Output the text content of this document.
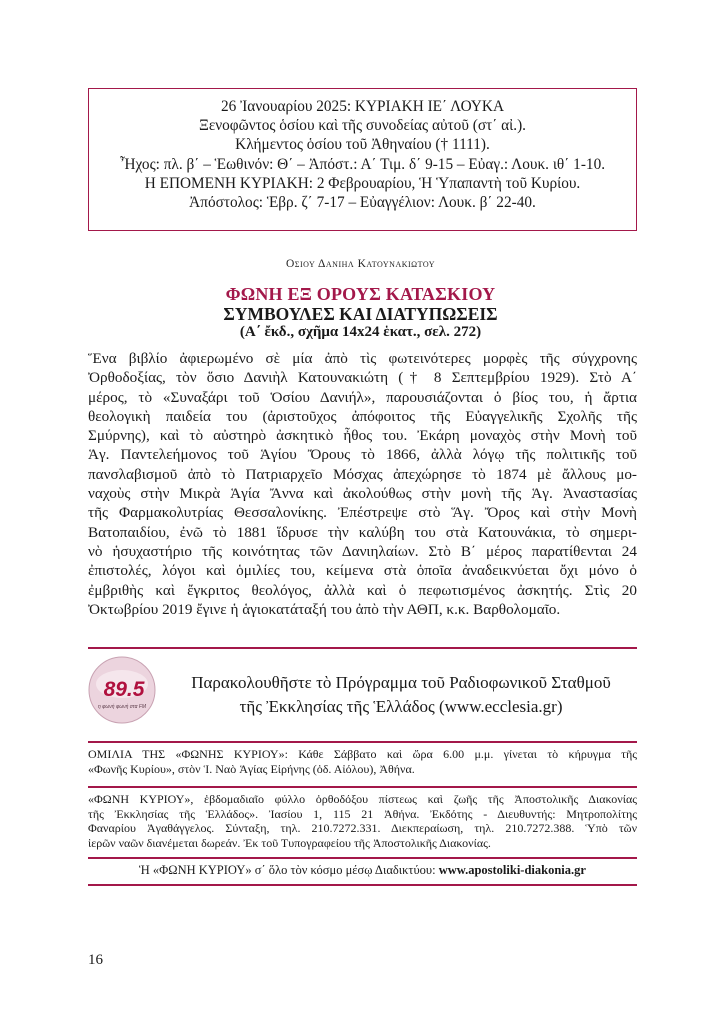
26 Ἰανουαρίου 2025: ΚΥΡΙΑΚΗ ΙΕ΄ ΛΟΥΚΑ
Ξενοφῶντος ὁσίου καὶ τῆς συνοδείας αὐτοῦ (στ΄ αἰ.).
Κλήμεντος ὁσίου τοῦ Ἀθηναίου († 1111).
Ἦχος: πλ. β΄ – Ἑωθινόν: Θ΄ – Ἀπόστ.: Α΄ Τιμ. δ΄ 9-15 – Εὐαγ.: Λουκ. ιθ΄ 1-10.
Η ΕΠΟΜΕΝΗ ΚΥΡΙΑΚΗ: 2 Φεβρουαρίου, Ἡ Ὑπαπαντὴ τοῦ Κυρίου.
Ἀπόστολος: Ἑβρ. ζ΄ 7-17 – Εὐαγγέλιον: Λουκ. β΄ 22-40.
Οσιου Δανιηλ Κατουνακιωτου
ΦΩΝΗ ΕΞ ΟΡΟΥΣ ΚΑΤΑΣΚΙΟΥ
ΣΥΜΒΟΥΛΕΣ ΚΑΙ ΔΙΑΤΥΠΩΣΕΙΣ
(Α΄ ἔκδ., σχῆμα 14x24 ἑκατ., σελ. 272)
Ἕνα βιβλίο ἀφιερωμένο σὲ μία ἀπὸ τὶς φωτεινότερες μορφὲς τῆς σύγχρονης
Ὀρθοδοξίας, τὸν ὅσιο Δανιὴλ Κατουνακιώτη († 8 Σεπτεμβρίου 1929). Στὸ Α΄
μέρος, τὸ «Συναξάρι τοῦ Ὁσίου Δανιήλ», παρουσιάζονται ὁ βίος του, ἡ ἄρτια
θεολογικὴ παιδεία του (ἀριστοῦχος ἀπόφοιτος τῆς Εὐαγγελικῆς Σχολῆς τῆς
Σμύρνης), καὶ τὸ αὐστηρὸ ἀσκητικὸ ἦθος του. Ἐκάρη μοναχὸς στὴν Μονὴ τοῦ
Ἁγ. Παντελεήμονος τοῦ Ἁγίου Ὄρους τὸ 1866, ἀλλὰ λόγῳ τῆς πολιτικῆς τοῦ
πανσλαβισμοῦ ἀπὸ τὸ Πατριαρχεῖο Μόσχας ἀπεχώρησε τὸ 1874 μὲ ἄλλους μο-
ναχοὺς στὴν Μικρὰ Ἁγία Ἄννα καὶ ἀκολούθως στὴν μονὴ τῆς Ἁγ. Ἀναστασίας
τῆς Φαρμακολυτρίας Θεσσαλονίκης. Ἐπέστρεψε στὸ Ἅγ. Ὄρος καὶ στὴν Μονὴ
Βατοπαιδίου, ἐνῶ τὸ 1881 ἵδρυσε τὴν καλύβη του στὰ Κατουνάκια, τὸ σημερι-
νὸ ἡσυχαστήριο τῆς κοινότητας τῶν Δανιηλαίων. Στὸ Β΄ μέρος παρατίθενται 24
ἐπιστολές, λόγοι καὶ ὁμιλίες του, κείμενα στὰ ὁποῖα ἀναδεικνύεται ὄχι μόνο ὁ
ἐμβριθὴς καὶ ἔγκριτος θεολόγος, ἀλλὰ καὶ ὁ πεφωτισμένος ἀσκητής. Στὶς 20
Ὀκτωβρίου 2019 ἔγινε ἡ ἁγιοκατάταξή του ἀπὸ τὴν ΑΘΠ, κ.κ. Βαρθολομαῖο.
89.5
η φωνή φωνή στα FM
Παρακολουθῆστε τὸ Πρόγραμμα τοῦ Ραδιοφωνικοῦ Σταθμοῦ
τῆς Ἐκκλησίας τῆς Ἑλλάδος (www.ecclesia.gr)
ΟΜΙΛΙΑ ΤΗΣ «ΦΩΝΗΣ ΚΥΡΙΟΥ»: Κάθε Σάββατο καὶ ὥρα 6.00 μ.μ. γίνεται τὸ κήρυγμα τῆς
«Φωνῆς Κυρίου», στὸν Ἱ. Ναὸ Ἁγίας Εἰρήνης (ὁδ. Αἰόλου), Ἀθήνα.
«ΦΩΝΗ ΚΥΡΙΟΥ», ἑβδομαδιαῖο φύλλο ὀρθοδόξου πίστεως καὶ ζωῆς τῆς Ἀποστολικῆς Διακονίας
τῆς Ἐκκλησίας τῆς Ἑλλάδος». Ἰασίου 1, 115 21 Ἀθήνα. Ἐκδότης - Διευθυντής: Μητροπολίτης
Φαναρίου Ἀγαθάγγελος. Σύνταξη, τηλ. 210.7272.331. Διεκπεραίωση, τηλ. 210.7272.388. Ὑπὸ τῶν
ἱερῶν ναῶν διανέμεται δωρεάν. Ἐκ τοῦ Τυπογραφείου τῆς Ἀποστολικῆς Διακονίας.
Ἡ «ΦΩΝΗ ΚΥΡΙΟΥ» σ΄ ὅλο τὸν κόσμο μέσῳ Διαδικτύου: www.apostoliki-diakonia.gr
16
